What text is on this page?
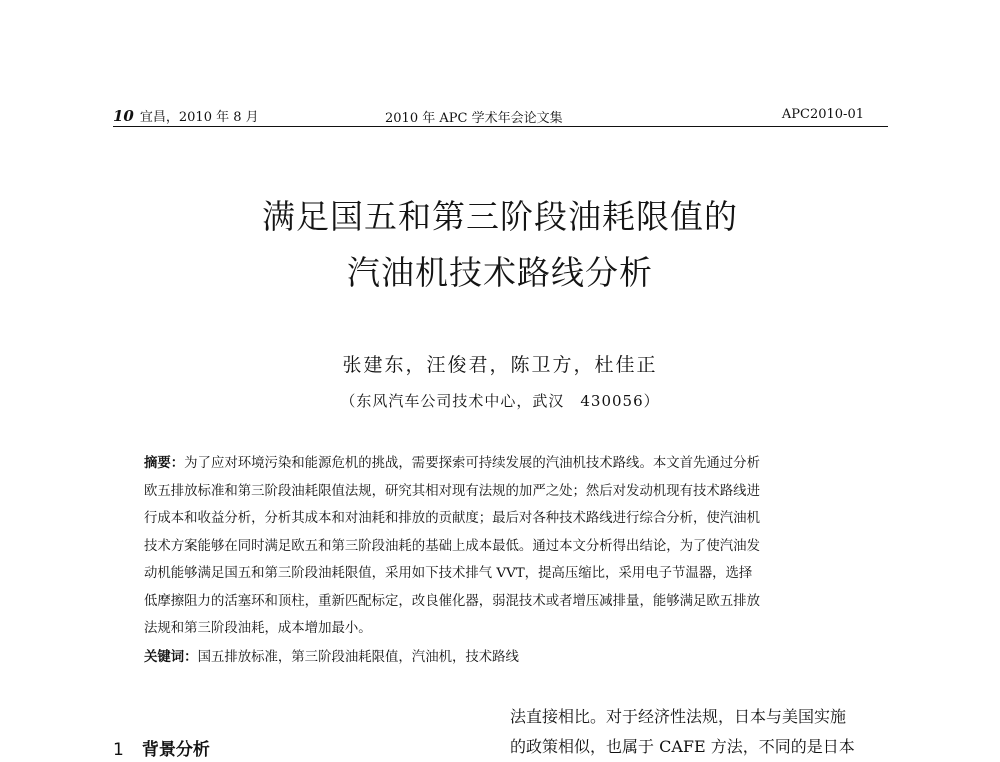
10 宜昌，2010 年 8 月	2010 年 APC 学术年会论文集	APC2010-01
满足国五和第三阶段油耗限值的
汽油机技术路线分析
张建东，汪俊君，陈卫方，杜佳正
（东风汽车公司技术中心，武汉　430056）
摘要：为了应对环境污染和能源危机的挑战，需要探索可持续发展的汽油机技术路线。本文首先通过分析
欧五排放标准和第三阶段油耗限值法规，研究其相对现有法规的加严之处；然后对发动机现有技术路线进
行成本和收益分析，分析其成本和对油耗和排放的贡献度；最后对各种技术路线进行综合分析，使汽油机
技术方案能够在同时满足欧五和第三阶段油耗的基础上成本最低。通过本文分析得出结论，为了使汽油发
动机能够满足国五和第三阶段油耗限值，采用如下技术排气 VVT，提高压缩比，采用电子节温器，选择
低摩擦阻力的活塞环和顶柱，重新匹配标定，改良催化器，弱混技术或者增压减排量，能够满足欧五排放
法规和第三阶段油耗，成本增加最小。
关键词：国五排放标准，第三阶段油耗限值，汽油机，技术路线
1 背景分析
法直接相比。对于经济性法规，日本与美国实施
的政策相似，也属于 CAFE 方法，不同的是日本
